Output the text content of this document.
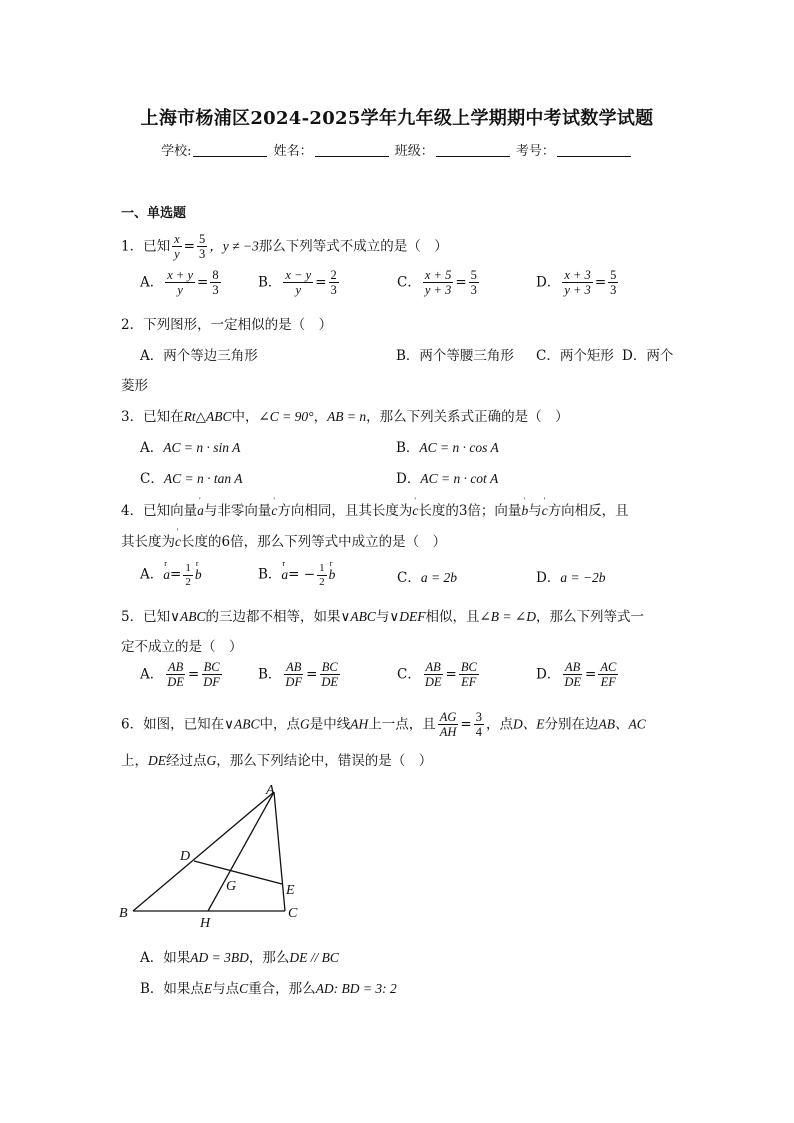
上海市杨浦区2024-2025学年九年级上学期期中考试数学试题
学校:	姓名：	班级：	考号：
一、单选题
1．已知 $\frac{x}{y} = \frac{5}{3}$ ，y ≠ −3那么下列等式不成立的是（　）
A． $\frac{x + y}{y} = \frac{8}{3}$	B． $\frac{x - y}{y} = \frac{2}{3}$	C． $\frac{x + 5}{y + 3} = \frac{5}{3}$	D． $\frac{x + 3}{y + 3} = \frac{5}{3}$
2．下列图形，一定相似的是（　）
A．两个等边三角形	B．两个等腰三角形 C．两个矩形 D．两个
菱形
3．已知在Rt△ABC中，∠C = 90°，AB = n，那么下列关系式正确的是（　）
A．AC = n · sin A	B．AC = n · cos A
C．AC = n · tan A	D．AC = n · cot A
4．已知向量' a与非零向量' c方向相同，且其长度为' c长度的3倍；向量' b与' c方向相反，且
其长度为' c长度的6倍，那么下列等式中成立的是（　）
A．r $a= \frac{1}{2}$ r b	B．r $a= - \frac{1}{2}$ r b	C．a = 2b	D．a = −2b
5．已知∨ABC的三边都不相等，如果∨ABC与∨DEF相似，且∠B = ∠D，那么下列等式一
定不成立的是（　）
A． $\frac{AB}{DE} = \frac{BC}{DF}$	B． $\frac{AB}{DF} = \frac{BC}{DE}$	C． $\frac{AB}{DE} = \frac{BC}{EF}$	D． $\frac{AB}{DE} = \frac{AC}{EF}$
6．如图，已知在∨ABC中，点G是中线AH上一点，且 $\frac{AG}{AH} = \frac{3}{4}$ ，点D、E分别在边AB、AC
上，DE经过点G，那么下列结论中，错误的是（　）
A
B	C
D
E
G
H
A．如果AD = 3BD，那么DE // BC
B．如果点E与点C重合，那么AD: BD = 3: 2
